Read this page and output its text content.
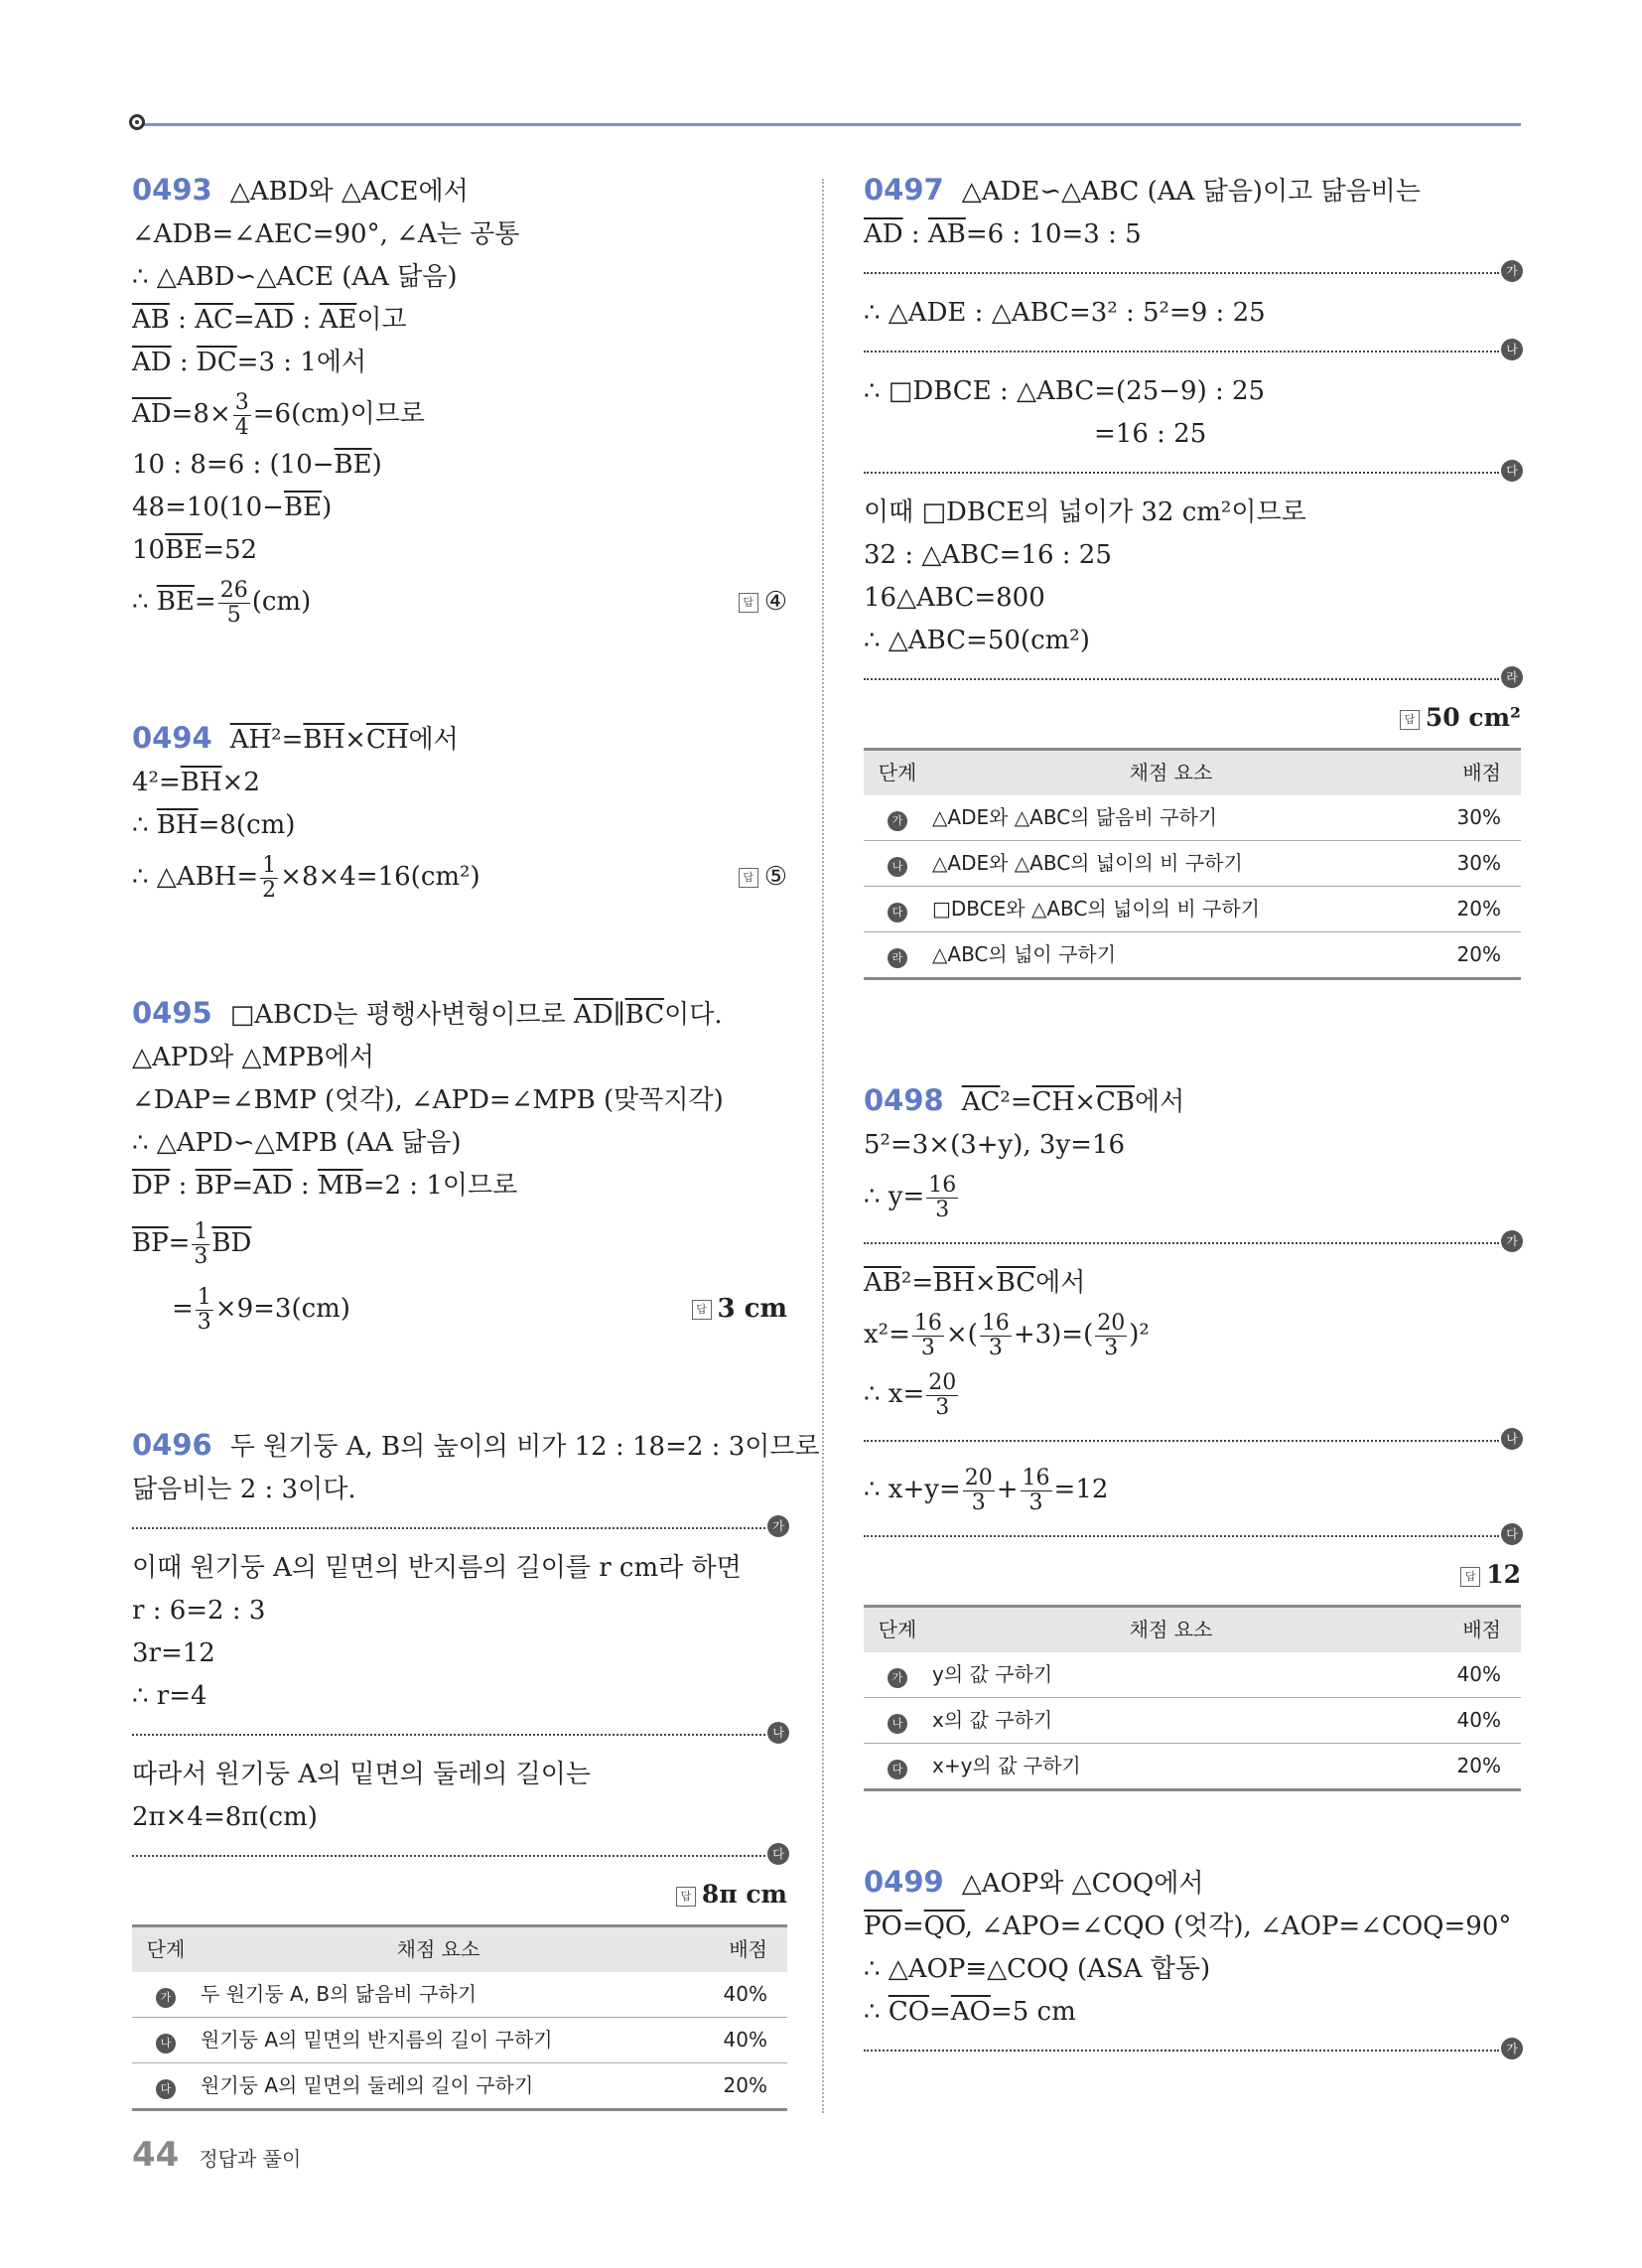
0493 △ABD와 △ACE에서
∠ADB=∠AEC=90°, ∠A는 공통
∴ △ABD∽△ACE (AA 닮음)
$\overline{AB}$ : $\overline{AC}=\overline{AD}$ : $\overline{AE}$이고
$\overline{AD}$ : $\overline{DC}=3$ : 1에서
$\overline{AD}=8\times \frac{3}{4} =6(cm)$이므로
10 : 8=6 : $(10-\overline{BE})$
$48=10(10-\overline{BE})$
$10\overline{BE}=52$
∴ $\overline{BE}= \frac{26}{5} (cm)$	답 ④
0494 $\overline{AH}^2=\overline{BH}\times\overline{CH}$에서
$4^2=\overline{BH}\times 2$
∴ $\overline{BH}=8(cm)$
∴ △ABH= $\frac{1}{2} \times 8\times 4=16(cm^2)$	답 ⑤
0495 □ABCD는 평행사변형이므로 $\overline{AD}\parallel\overline{BC}$이다.
△APD와 △MPB에서
∠DAP=∠BMP (엇각), ∠APD=∠MPB (맞꼭지각)
∴ △APD∽△MPB (AA 닮음)
$\overline{DP}$ : $\overline{BP}=\overline{AD}$ : $\overline{MB}=2$ : 1이므로
$\overline{BP}= \frac{1}{3} \overline{BD}$
= $\frac{1}{3} \times 9=3(cm)$	답 3 cm
0496 두 원기둥 A, B의 높이의 비가 12 : 18=2 : 3이므로
닮음비는 2 : 3이다.
가
이때 원기둥 A의 밑면의 반지름의 길이를 r cm라 하면
r : 6=2 : 3
3r=12
∴ r=4
나
따라서 원기둥 A의 밑면의 둘레의 길이는
2π×4=8π(cm)
다
답 8π cm
단계	채점 요소	배점
가	두 원기둥 A, B의 닮음비 구하기	40%
나	원기둥 A의 밑면의 반지름의 길이 구하기	40%
다	원기둥 A의 밑면의 둘레의 길이 구하기	20%
0497 △ADE∽△ABC (AA 닮음)이고 닮음비는
$\overline{AD}$ : $\overline{AB}=6$ : 10=3 : 5
가
∴ △ADE : △ABC=3² : 5²=9 : 25
나
∴ □DBCE : △ABC=(25−9) : 25
=16 : 25
다
이때 □DBCE의 넓이가 32 cm²이므로
32 : △ABC=16 : 25
16△ABC=800
∴ △ABC=50(cm²)
라
답 50 cm²
단계	채점 요소	배점
가	△ADE와 △ABC의 닮음비 구하기	30%
나	△ADE와 △ABC의 넓이의 비 구하기	30%
다	□DBCE와 △ABC의 넓이의 비 구하기	20%
라	△ABC의 넓이 구하기	20%
0498 $\overline{AC}^2=\overline{CH}\times\overline{CB}$에서
5²=3×(3+y), 3y=16
∴ $y= \frac{16}{3}$
가
$\overline{AB}^2=\overline{BH}\times\overline{BC}$에서
$x^2= \frac{16}{3}$ ×( $\frac{16}{3} +3)=( \frac{20}{3} )^2$
∴ $x= \frac{20}{3}$
나
∴ $x+y= \frac{20}{3} + \frac{16}{3} =12$
다
답 12
단계	채점 요소	배점
가	y의 값 구하기	40%
나	x의 값 구하기	40%
다	x+y의 값 구하기	20%
0499 △AOP와 △COQ에서
$\overline{PO}=\overline{QO}$, ∠APO=∠CQO (엇각), ∠AOP=∠COQ=90°
∴ △AOP≡△COQ (ASA 합동)
∴ $\overline{CO}=\overline{AO}=5$ cm
가
44 정답과 풀이
